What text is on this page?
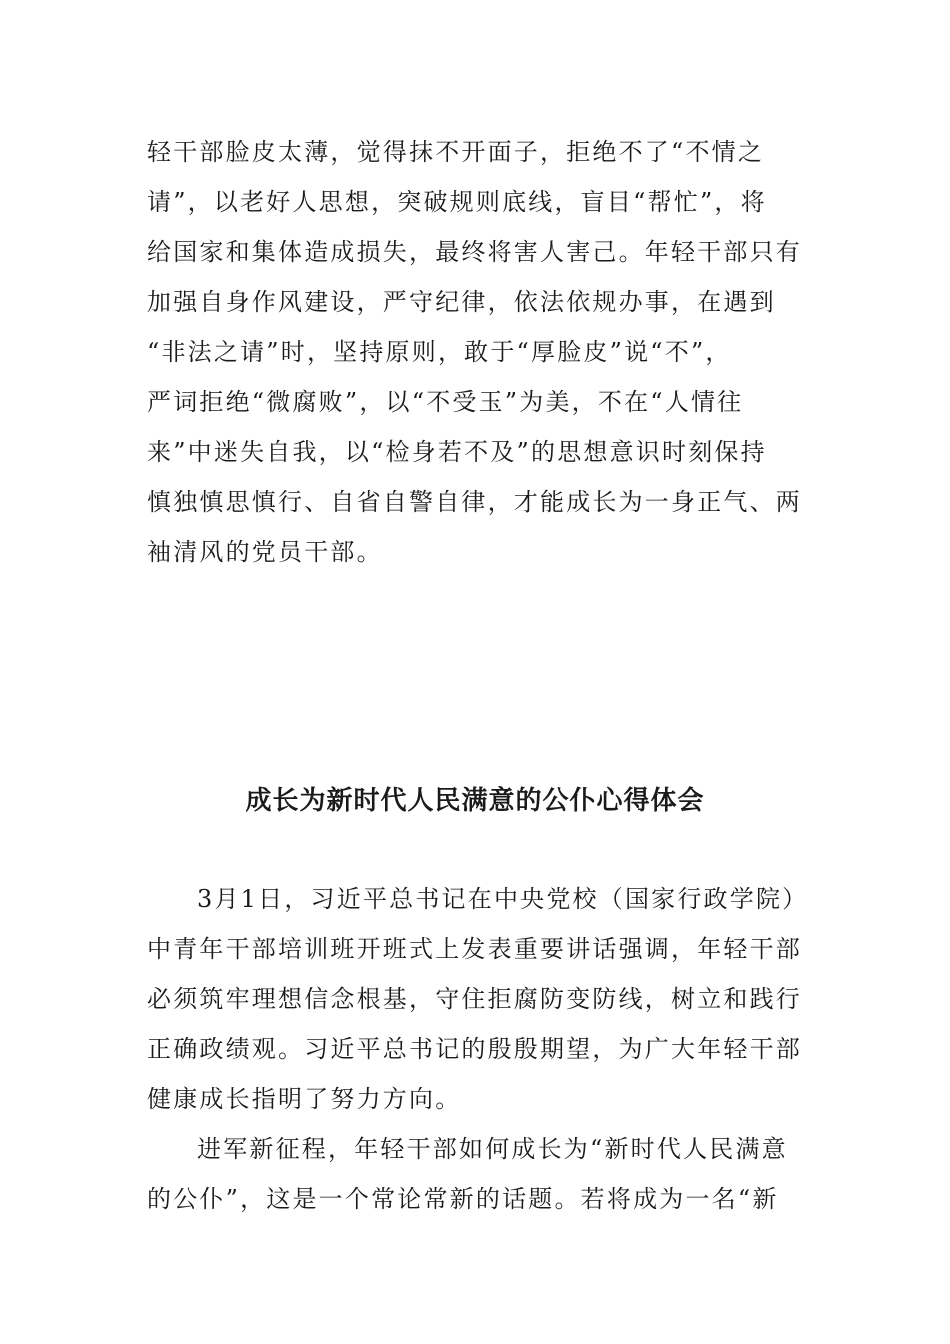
轻干部脸皮太薄，觉得抹不开面子，拒绝不了“不情之
请”，以老好人思想，突破规则底线，盲目“帮忙”，将
给国家和集体造成损失，最终将害人害己。年轻干部只有
加强自身作风建设，严守纪律，依法依规办事，在遇到
“非法之请”时，坚持原则，敢于“厚脸皮”说“不”，
严词拒绝“微腐败”，以“不受玉”为美，不在“人情往
来”中迷失自我，以“检身若不及”的思想意识时刻保持
慎独慎思慎行、自省自警自律，才能成长为一身正气、两
袖清风的党员干部。
成长为新时代人民满意的公仆心得体会
3月1日，习近平总书记在中央党校（国家行政学院）
中青年干部培训班开班式上发表重要讲话强调，年轻干部
必须筑牢理想信念根基，守住拒腐防变防线，树立和践行
正确政绩观。习近平总书记的殷殷期望，为广大年轻干部
健康成长指明了努力方向。
进军新征程，年轻干部如何成长为“新时代人民满意
的公仆”，这是一个常论常新的话题。若将成为一名“新
